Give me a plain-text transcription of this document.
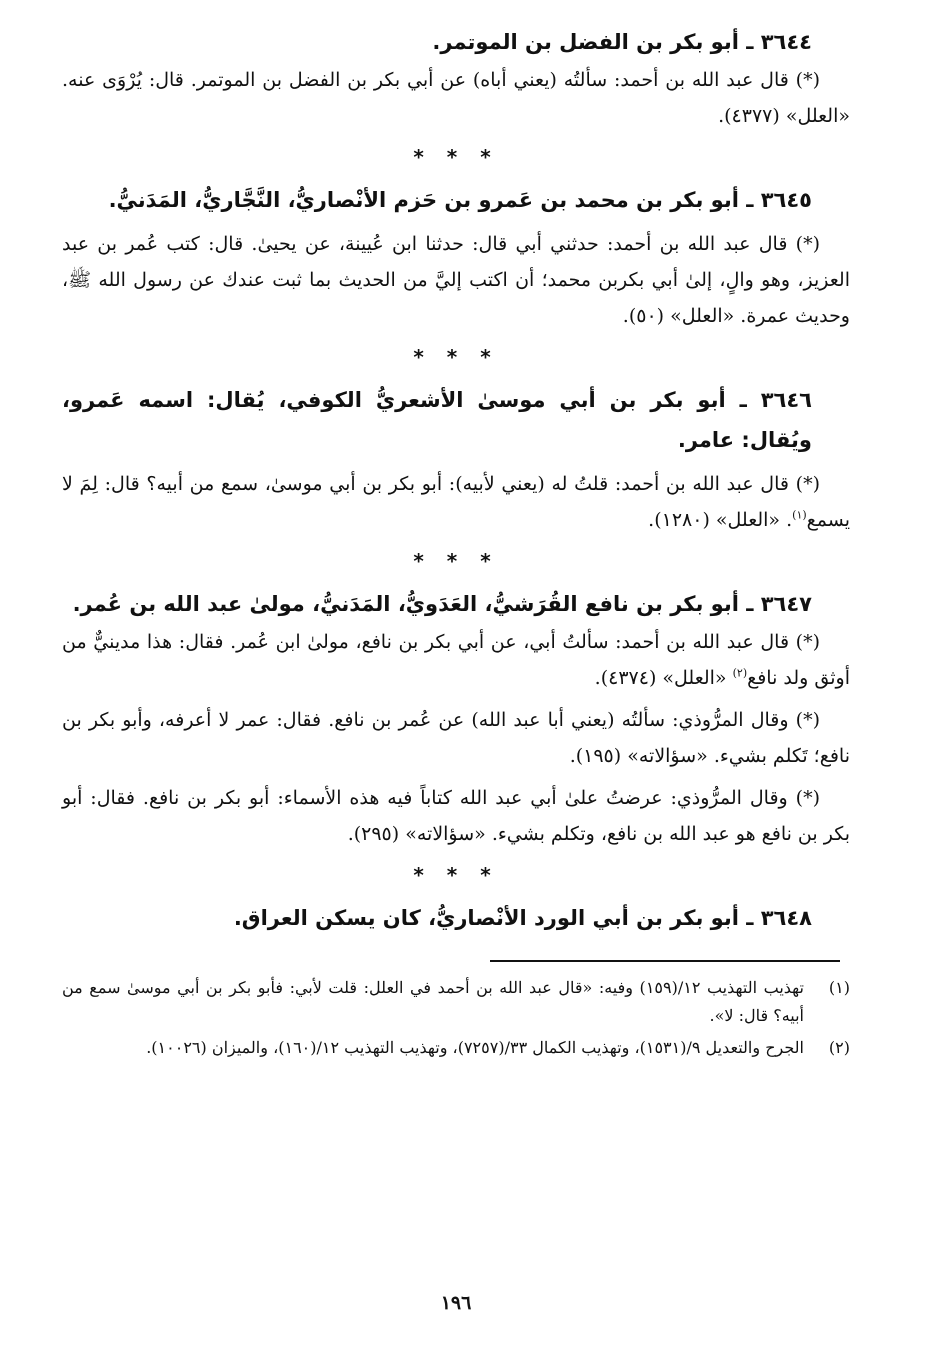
٣٦٤٤ ـ أبو بكر بن الفضل بن الموتمر.

(*) قال عبد الله بن أحمد: سألتُه (يعني أباه) عن أبي بكر بن الفضل بن الموتمر. قال: يُرْوَى عنه. «العلل» (٤٣٧٧).

* * *
٣٦٤٥ ـ أبو بكر بن محمد بن عَمرو بن حَزم الأنْصاريُّ، النَّجَّاريُّ، المَدَنيُّ.

(*) قال عبد الله بن أحمد: حدثني أبي قال: حدثنا ابن عُيينة، عن يحيىٰ. قال: كتب عُمر بن عبد العزيز، وهو والٍ، إلىٰ أبي بكربن محمد؛ أن اكتب إليَّ من الحديث بما ثبت عندك عن رسول الله ﷺ، وحديث عمرة. «العلل» (٥٠).

* * *
٣٦٤٦ ـ أبو بكر بن أبي موسىٰ الأشعريُّ الكوفي، يُقال: اسمه عَمرو، ويُقال: عامر.

(*) قال عبد الله بن أحمد: قلتُ له (يعني لأبيه): أبو بكر بن أبي موسىٰ، سمع من أبيه؟ قال: لِمَ لا يسمع$^{(١)}$. «العلل» (١٢٨٠).

* * *
٣٦٤٧ ـ أبو بكر بن نافع القُرَشيُّ، العَدَويُّ، المَدَنيُّ، مولىٰ عبد الله بن عُمر.

(*) قال عبد الله بن أحمد: سألتُ أبي، عن أبي بكر بن نافع، مولىٰ ابن عُمر. فقال: هذا مدينيٌّ من أوثق ولد نافع$^{(٢)}$ «العلل» (٤٣٧٤).

(*) وقال المرُّوذي: سألتُه (يعني أبا عبد الله) عن عُمر بن نافع. فقال: عمر لا أعرفه، وأبو بكر بن نافع؛ تَكلم بشيء. «سؤالاته» (١٩٥).

(*) وقال المرُّوذي: عرضتُ علىٰ أبي عبد الله كتاباً فيه هذه الأسماء: أبو بكر بن نافع. فقال: أبو بكر بن نافع هو عبد الله بن نافع، وتكلم بشيء. «سؤالاته» (٢٩٥).

* * *
٣٦٤٨ ـ أبو بكر بن أبي الورد الأنْصاريُّ، كان يسكن العراق.
(١)
تهذيب التهذيب ١٢/(١٥٩) وفيه: «قال عبد الله بن أحمد في العلل: قلت لأبي: فأبو بكر بن أبي موسىٰ سمع من أبيه؟ قال: لا».
(٢)
الجرح والتعديل ٩/(١٥٣١)، وتهذيب الكمال ٣٣/(٧٢٥٧)، وتهذيب التهذيب ١٢/(١٦٠)، والميزان (١٠٠٢٦).
١٩٦
